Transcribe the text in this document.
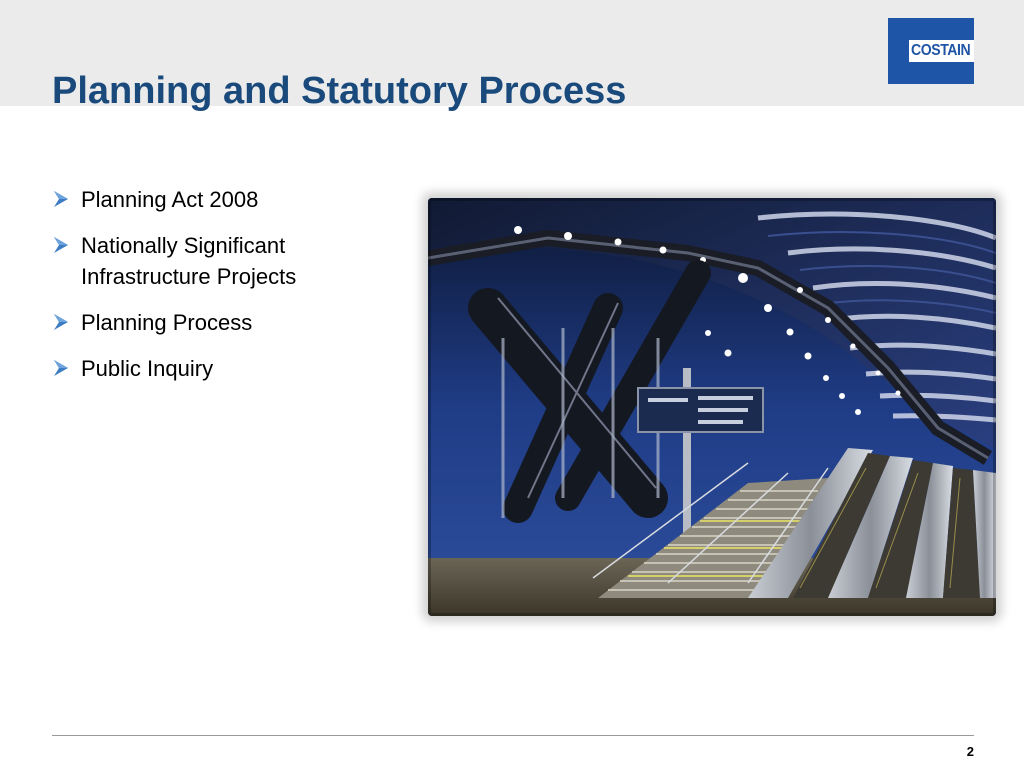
Planning and Statutory Process
COSTAIN
Planning Act 2008
Nationally Significant Infrastructure Projects
Planning Process
Public Inquiry
2
